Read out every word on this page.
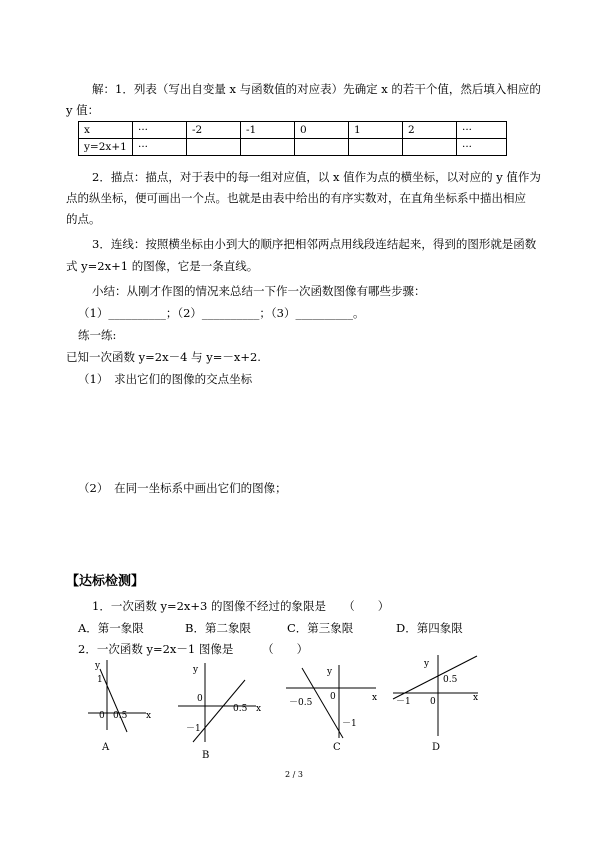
解：1．列表（写出自变量 x 与函数值的对应表）先确定 x 的若干个值，然后填入相应的
y 值：
x	···	-2	-1	0	1	2	···
y=2x+1	···						···
2．描点：描点，对于表中的每一组对应值，以 x 值作为点的横坐标，以对应的 y 值作为
点的纵坐标，便可画出一个点。也就是由表中给出的有序实数对，在直角坐标系中描出相应
的点。
3．连线：按照横坐标由小到大的顺序把相邻两点用线段连结起来，得到的图形就是函数
式 y=2x+1 的图像，它是一条直线。
小结：从刚才作图的情况来总结一下作一次函数图像有哪些步骤：
（1）__________；（2）__________；（3）__________。
练一练:
已知一次函数 y=2x－4 与 y=－x+2.
（1）　求出它们的图像的交点坐标
（2）　在同一坐标系中画出它们的图像；
【达标检测】
1．一次函数 y=2x+3 的图像不经过的象限是　　（　　）
A．第一象限	B．第二象限	C．第三象限	D．第四象限
2．一次函数 y=2x－1 图像是　　　（　　）
y
1
0 0.5 x
A
y
0
0.5 x
－1
B
y
－0.5
0	x
－1
C
y
0.5
－1 0	x
D
2 / 3
